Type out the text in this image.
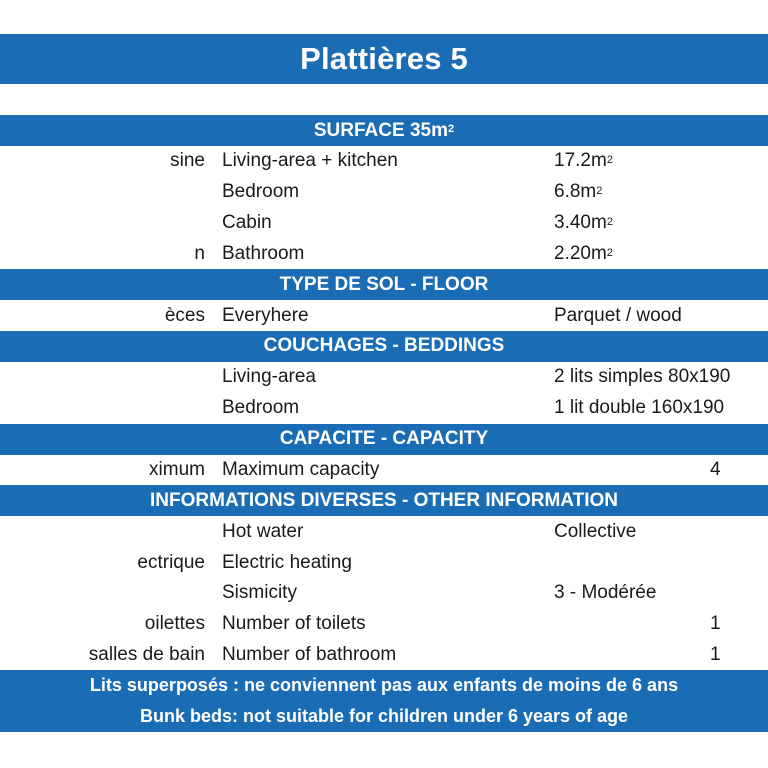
Plattières 5
SURFACE $35m^2$
sine Living-area + kitchen	$17.2m^2$
Bedroom	$6.8m^2$
Cabin	$3.40m^2$
n Bathroom	$2.20m^2$
TYPE DE SOL - FLOOR
èces Everyhere	Parquet / wood
COUCHAGES - BEDDINGS
Living-area	2 lits simples 80x190
Bedroom	1 lit double 160x190
CAPACITE - CAPACITY
ximum Maximum capacity	4
INFORMATIONS DIVERSES - OTHER INFORMATION
Hot water	Collective
ectrique Electric heating
Sismicity	3 - Modérée
oilettes Number of toilets	1
salles de bain Number of bathroom	1
Lits superposés : ne conviennent pas aux enfants de moins de 6 ans
Bunk beds: not suitable for children under 6 years of age
